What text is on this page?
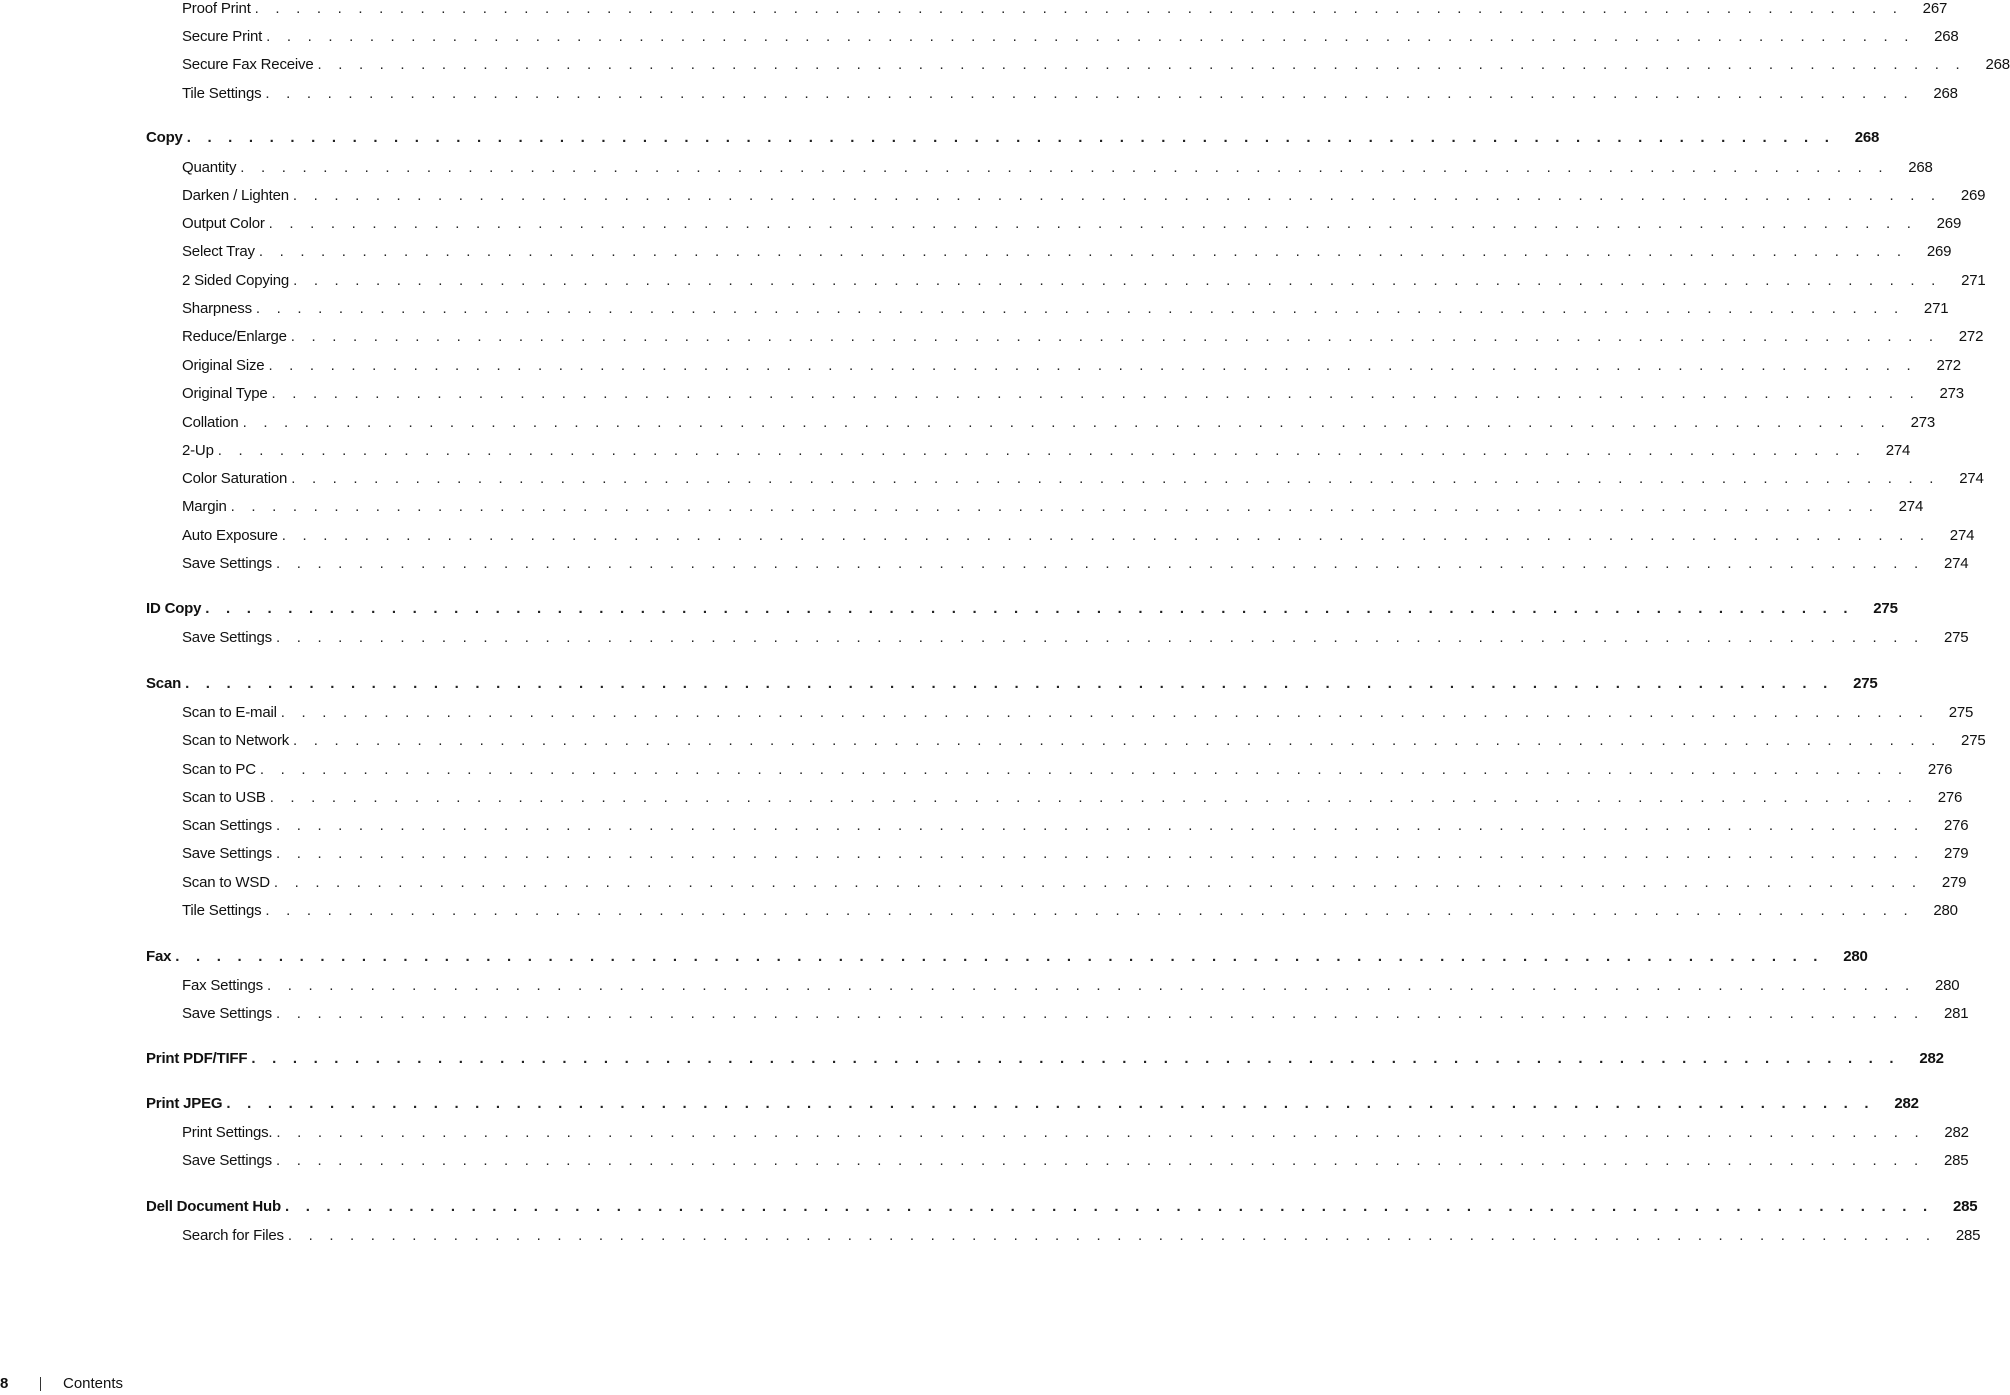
Proof Print . . . . . . . . . . . . . . . . . . . . . . . . . . . . . . . . . . . . . . . . . . . . . . . . . . . . . . . . . . . . . . . . . . . . . . . . . . . . . . . .	267
Secure Print . . . . . . . . . . . . . . . . . . . . . . . . . . . . . . . . . . . . . . . . . . . . . . . . . . . . . . . . . . . . . . . . . . . . . . . . . . . . . . . .	268
Secure Fax Receive . . . . . . . . . . . . . . . . . . . . . . . . . . . . . . . . . . . . . . . . . . . . . . . . . . . . . . . . . . . . . . . . . . . . . . . . . . . . . . . .	268
Tile Settings . . . . . . . . . . . . . . . . . . . . . . . . . . . . . . . . . . . . . . . . . . . . . . . . . . . . . . . . . . . . . . . . . . . . . . . . . . . . . . . .	268
Copy . . . . . . . . . . . . . . . . . . . . . . . . . . . . . . . . . . . . . . . . . . . . . . . . . . . . . . . . . . . . . . . . . . . . . . . . . . . . . . . .	268
Quantity . . . . . . . . . . . . . . . . . . . . . . . . . . . . . . . . . . . . . . . . . . . . . . . . . . . . . . . . . . . . . . . . . . . . . . . . . . . . . . . .	268
Darken / Lighten . . . . . . . . . . . . . . . . . . . . . . . . . . . . . . . . . . . . . . . . . . . . . . . . . . . . . . . . . . . . . . . . . . . . . . . . . . . . . . . .	269
Output Color . . . . . . . . . . . . . . . . . . . . . . . . . . . . . . . . . . . . . . . . . . . . . . . . . . . . . . . . . . . . . . . . . . . . . . . . . . . . . . . .	269
Select Tray . . . . . . . . . . . . . . . . . . . . . . . . . . . . . . . . . . . . . . . . . . . . . . . . . . . . . . . . . . . . . . . . . . . . . . . . . . . . . . . .	269
2 Sided Copying . . . . . . . . . . . . . . . . . . . . . . . . . . . . . . . . . . . . . . . . . . . . . . . . . . . . . . . . . . . . . . . . . . . . . . . . . . . . . . . .	271
Sharpness . . . . . . . . . . . . . . . . . . . . . . . . . . . . . . . . . . . . . . . . . . . . . . . . . . . . . . . . . . . . . . . . . . . . . . . . . . . . . . . .	271
Reduce/Enlarge . . . . . . . . . . . . . . . . . . . . . . . . . . . . . . . . . . . . . . . . . . . . . . . . . . . . . . . . . . . . . . . . . . . . . . . . . . . . . . . .	272
Original Size . . . . . . . . . . . . . . . . . . . . . . . . . . . . . . . . . . . . . . . . . . . . . . . . . . . . . . . . . . . . . . . . . . . . . . . . . . . . . . . .	272
Original Type . . . . . . . . . . . . . . . . . . . . . . . . . . . . . . . . . . . . . . . . . . . . . . . . . . . . . . . . . . . . . . . . . . . . . . . . . . . . . . . .	273
Collation . . . . . . . . . . . . . . . . . . . . . . . . . . . . . . . . . . . . . . . . . . . . . . . . . . . . . . . . . . . . . . . . . . . . . . . . . . . . . . . .	273
2-Up . . . . . . . . . . . . . . . . . . . . . . . . . . . . . . . . . . . . . . . . . . . . . . . . . . . . . . . . . . . . . . . . . . . . . . . . . . . . . . . .	274
Color Saturation . . . . . . . . . . . . . . . . . . . . . . . . . . . . . . . . . . . . . . . . . . . . . . . . . . . . . . . . . . . . . . . . . . . . . . . . . . . . . . . .	274
Margin . . . . . . . . . . . . . . . . . . . . . . . . . . . . . . . . . . . . . . . . . . . . . . . . . . . . . . . . . . . . . . . . . . . . . . . . . . . . . . . .	274
Auto Exposure . . . . . . . . . . . . . . . . . . . . . . . . . . . . . . . . . . . . . . . . . . . . . . . . . . . . . . . . . . . . . . . . . . . . . . . . . . . . . . . .	274
Save Settings . . . . . . . . . . . . . . . . . . . . . . . . . . . . . . . . . . . . . . . . . . . . . . . . . . . . . . . . . . . . . . . . . . . . . . . . . . . . . . . .	274
ID Copy . . . . . . . . . . . . . . . . . . . . . . . . . . . . . . . . . . . . . . . . . . . . . . . . . . . . . . . . . . . . . . . . . . . . . . . . . . . . . . . .	275
Save Settings . . . . . . . . . . . . . . . . . . . . . . . . . . . . . . . . . . . . . . . . . . . . . . . . . . . . . . . . . . . . . . . . . . . . . . . . . . . . . . . .	275
Scan . . . . . . . . . . . . . . . . . . . . . . . . . . . . . . . . . . . . . . . . . . . . . . . . . . . . . . . . . . . . . . . . . . . . . . . . . . . . . . . .	275
Scan to E-mail . . . . . . . . . . . . . . . . . . . . . . . . . . . . . . . . . . . . . . . . . . . . . . . . . . . . . . . . . . . . . . . . . . . . . . . . . . . . . . . .	275
Scan to Network . . . . . . . . . . . . . . . . . . . . . . . . . . . . . . . . . . . . . . . . . . . . . . . . . . . . . . . . . . . . . . . . . . . . . . . . . . . . . . . .	275
Scan to PC . . . . . . . . . . . . . . . . . . . . . . . . . . . . . . . . . . . . . . . . . . . . . . . . . . . . . . . . . . . . . . . . . . . . . . . . . . . . . . . .	276
Scan to USB . . . . . . . . . . . . . . . . . . . . . . . . . . . . . . . . . . . . . . . . . . . . . . . . . . . . . . . . . . . . . . . . . . . . . . . . . . . . . . . .	276
Scan Settings . . . . . . . . . . . . . . . . . . . . . . . . . . . . . . . . . . . . . . . . . . . . . . . . . . . . . . . . . . . . . . . . . . . . . . . . . . . . . . . .	276
Save Settings . . . . . . . . . . . . . . . . . . . . . . . . . . . . . . . . . . . . . . . . . . . . . . . . . . . . . . . . . . . . . . . . . . . . . . . . . . . . . . . .	279
Scan to WSD . . . . . . . . . . . . . . . . . . . . . . . . . . . . . . . . . . . . . . . . . . . . . . . . . . . . . . . . . . . . . . . . . . . . . . . . . . . . . . . .	279
Tile Settings . . . . . . . . . . . . . . . . . . . . . . . . . . . . . . . . . . . . . . . . . . . . . . . . . . . . . . . . . . . . . . . . . . . . . . . . . . . . . . . .	280
Fax . . . . . . . . . . . . . . . . . . . . . . . . . . . . . . . . . . . . . . . . . . . . . . . . . . . . . . . . . . . . . . . . . . . . . . . . . . . . . . . .	280
Fax Settings . . . . . . . . . . . . . . . . . . . . . . . . . . . . . . . . . . . . . . . . . . . . . . . . . . . . . . . . . . . . . . . . . . . . . . . . . . . . . . . .	280
Save Settings . . . . . . . . . . . . . . . . . . . . . . . . . . . . . . . . . . . . . . . . . . . . . . . . . . . . . . . . . . . . . . . . . . . . . . . . . . . . . . . .	281
Print PDF/TIFF . . . . . . . . . . . . . . . . . . . . . . . . . . . . . . . . . . . . . . . . . . . . . . . . . . . . . . . . . . . . . . . . . . . . . . . . . . . . . . . .	282
Print JPEG . . . . . . . . . . . . . . . . . . . . . . . . . . . . . . . . . . . . . . . . . . . . . . . . . . . . . . . . . . . . . . . . . . . . . . . . . . . . . . . .	282
Print Settings. . . . . . . . . . . . . . . . . . . . . . . . . . . . . . . . . . . . . . . . . . . . . . . . . . . . . . . . . . . . . . . . . . . . . . . . . . . . . . . . .	282
Save Settings . . . . . . . . . . . . . . . . . . . . . . . . . . . . . . . . . . . . . . . . . . . . . . . . . . . . . . . . . . . . . . . . . . . . . . . . . . . . . . . .	285
Dell Document Hub . . . . . . . . . . . . . . . . . . . . . . . . . . . . . . . . . . . . . . . . . . . . . . . . . . . . . . . . . . . . . . . . . . . . . . . . . . . . . . . .	285
Search for Files . . . . . . . . . . . . . . . . . . . . . . . . . . . . . . . . . . . . . . . . . . . . . . . . . . . . . . . . . . . . . . . . . . . . . . . . . . . . . . . .	285
8	Contents
